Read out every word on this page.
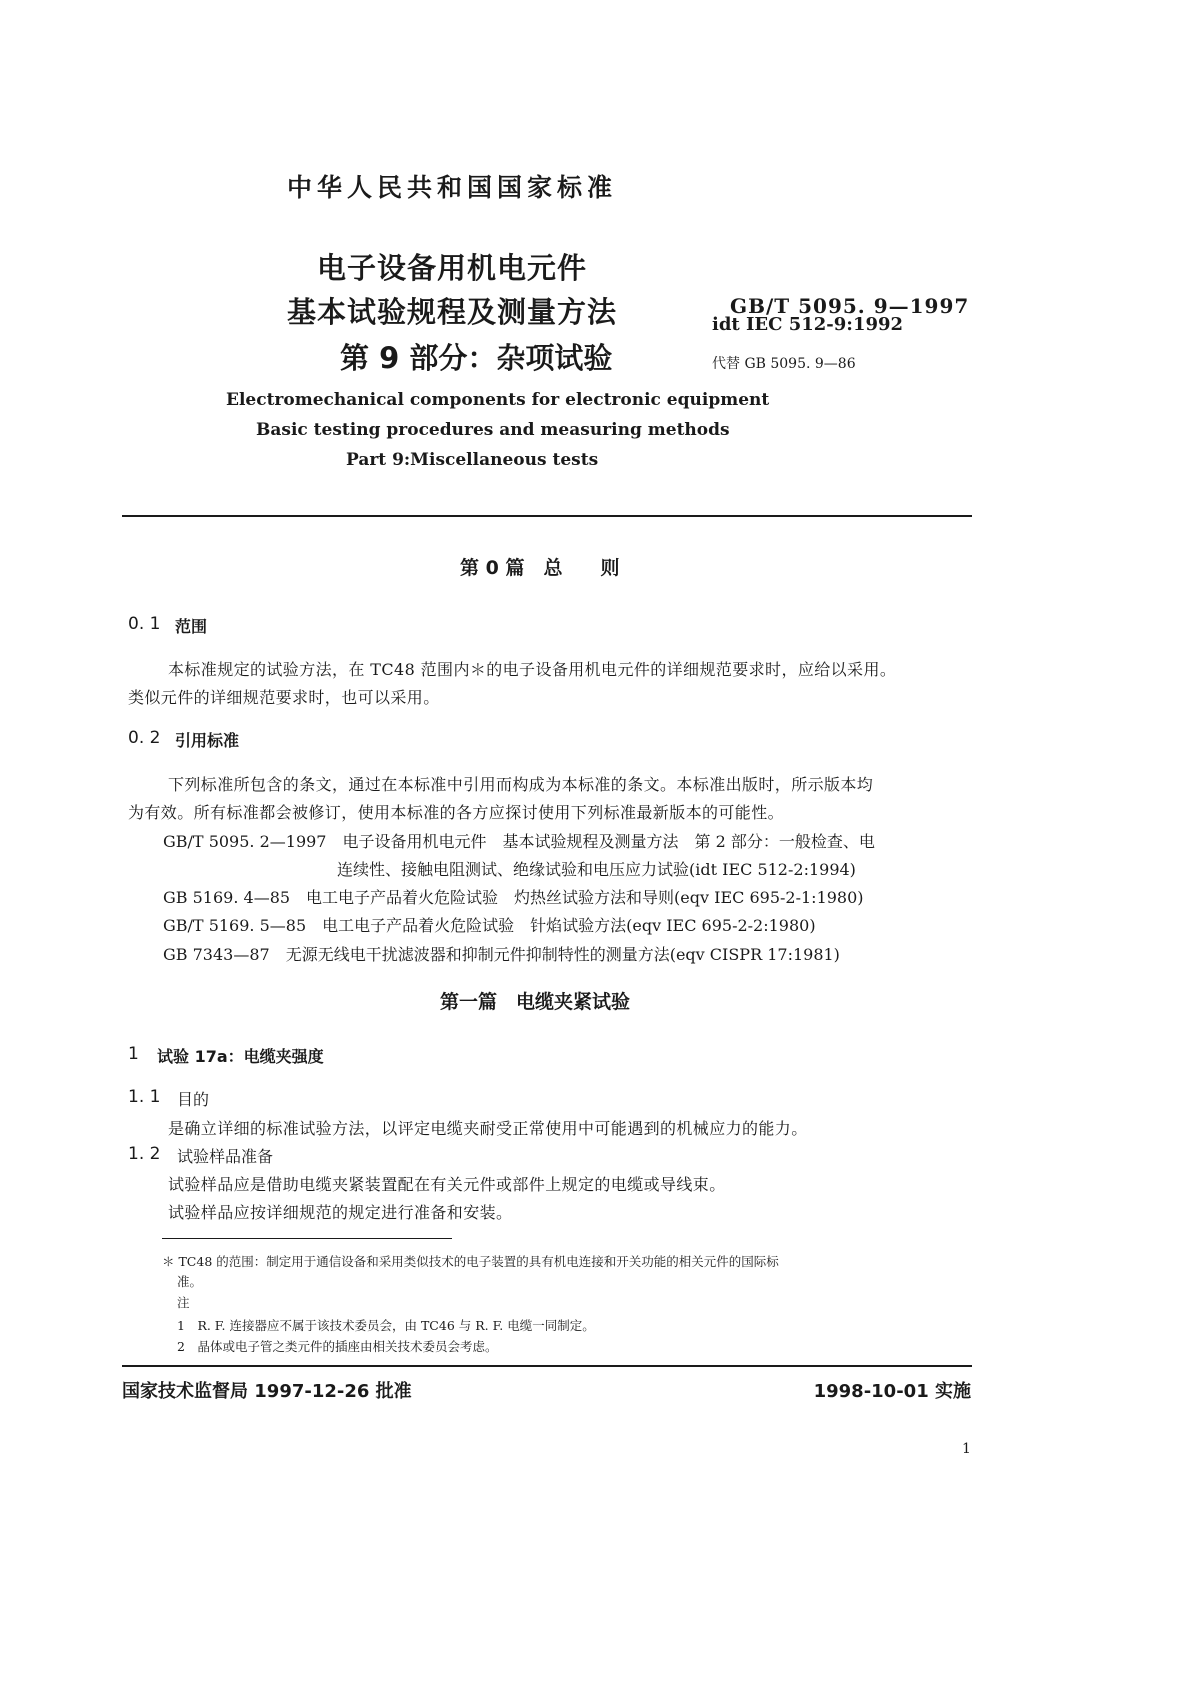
中华人民共和国国家标准
电子设备用机电元件
基本试验规程及测量方法
第 9 部分：杂项试验
GB/T 5095. 9—1997
idt IEC 512-9:1992
代替 GB 5095. 9—86
Electromechanical components for electronic equipment
Basic testing procedures and measuring methods
Part 9:Miscellaneous tests
第 0 篇　总　　则
0. 1 范围
本标准规定的试验方法，在 TC48 范围内＊的电子设备用机电元件的详细规范要求时，应给以采用。
类似元件的详细规范要求时，也可以采用。
0. 2 引用标准
下列标准所包含的条文，通过在本标准中引用而构成为本标准的条文。本标准出版时，所示版本均
为有效。所有标准都会被修订，使用本标准的各方应探讨使用下列标准最新版本的可能性。
GB/T 5095. 2—1997　电子设备用机电元件　基本试验规程及测量方法　第 2 部分：一般检查、电
连续性、接触电阻测试、绝缘试验和电压应力试验(idt IEC 512-2:1994)
GB 5169. 4—85　电工电子产品着火危险试验　灼热丝试验方法和导则(eqv IEC 695-2-1:1980)
GB/T 5169. 5—85　电工电子产品着火危险试验　针焰试验方法(eqv IEC 695-2-2:1980)
GB 7343—87　无源无线电干扰滤波器和抑制元件抑制特性的测量方法(eqv CISPR 17:1981)
第一篇　电缆夹紧试验
1 试验 17a：电缆夹强度
1. 1 目的
是确立详细的标准试验方法，以评定电缆夹耐受正常使用中可能遇到的机械应力的能力。
1. 2 试验样品准备
试验样品应是借助电缆夹紧装置配在有关元件或部件上规定的电缆或导线束。
试验样品应按详细规范的规定进行准备和安装。
＊ TC48 的范围：制定用于通信设备和采用类似技术的电子装置的具有机电连接和开关功能的相关元件的国际标
准。
注
1　R. F. 连接器应不属于该技术委员会，由 TC46 与 R. F. 电缆一同制定。
2　晶体或电子管之类元件的插座由相关技术委员会考虑。
国家技术监督局 1997-12-26 批准	1998-10-01 实施
1
